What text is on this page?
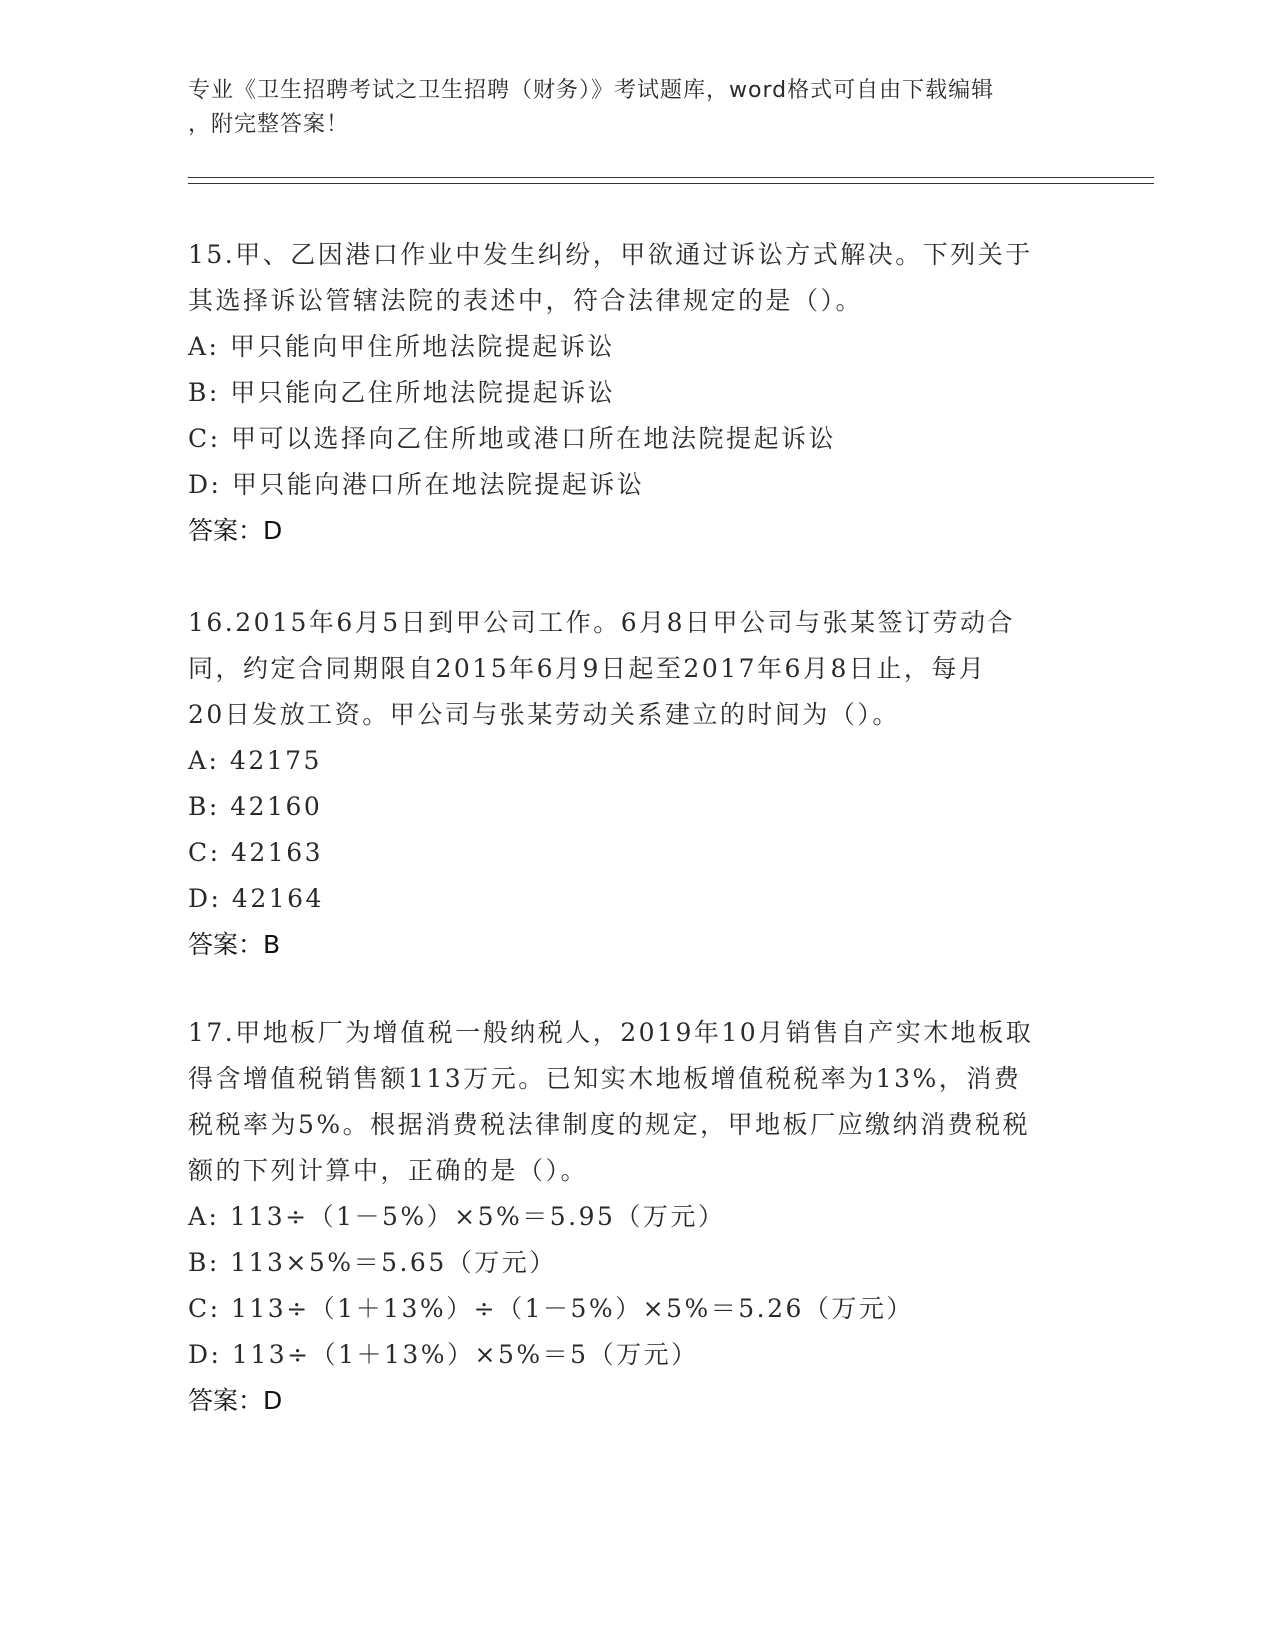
专业《卫生招聘考试之卫生招聘（财务）》考试题库，word格式可自由下载编辑
，附完整答案！
15.甲、乙因港口作业中发生纠纷，甲欲通过诉讼方式解决。下列关于
其选择诉讼管辖法院的表述中，符合法律规定的是（）。
A: 甲只能向甲住所地法院提起诉讼
B: 甲只能向乙住所地法院提起诉讼
C: 甲可以选择向乙住所地或港口所在地法院提起诉讼
D: 甲只能向港口所在地法院提起诉讼
答案：D
16.2015年6月5日到甲公司工作。6月8日甲公司与张某签订劳动合
同，约定合同期限自2015年6月9日起至2017年6月8日止，每月
20日发放工资。甲公司与张某劳动关系建立的时间为（）。
A: 42175
B: 42160
C: 42163
D: 42164
答案：B
17.甲地板厂为增值税一般纳税人，2019年10月销售自产实木地板取
得含增值税销售额113万元。已知实木地板增值税税率为13%，消费
税税率为5%。根据消费税法律制度的规定，甲地板厂应缴纳消费税税
额的下列计算中，正确的是（）。
A: 113÷（1－5%）×5%＝5.95（万元）
B: 113×5%＝5.65（万元）
C: 113÷（1＋13%）÷（1－5%）×5%＝5.26（万元）
D: 113÷（1＋13%）×5%＝5（万元）
答案：D
